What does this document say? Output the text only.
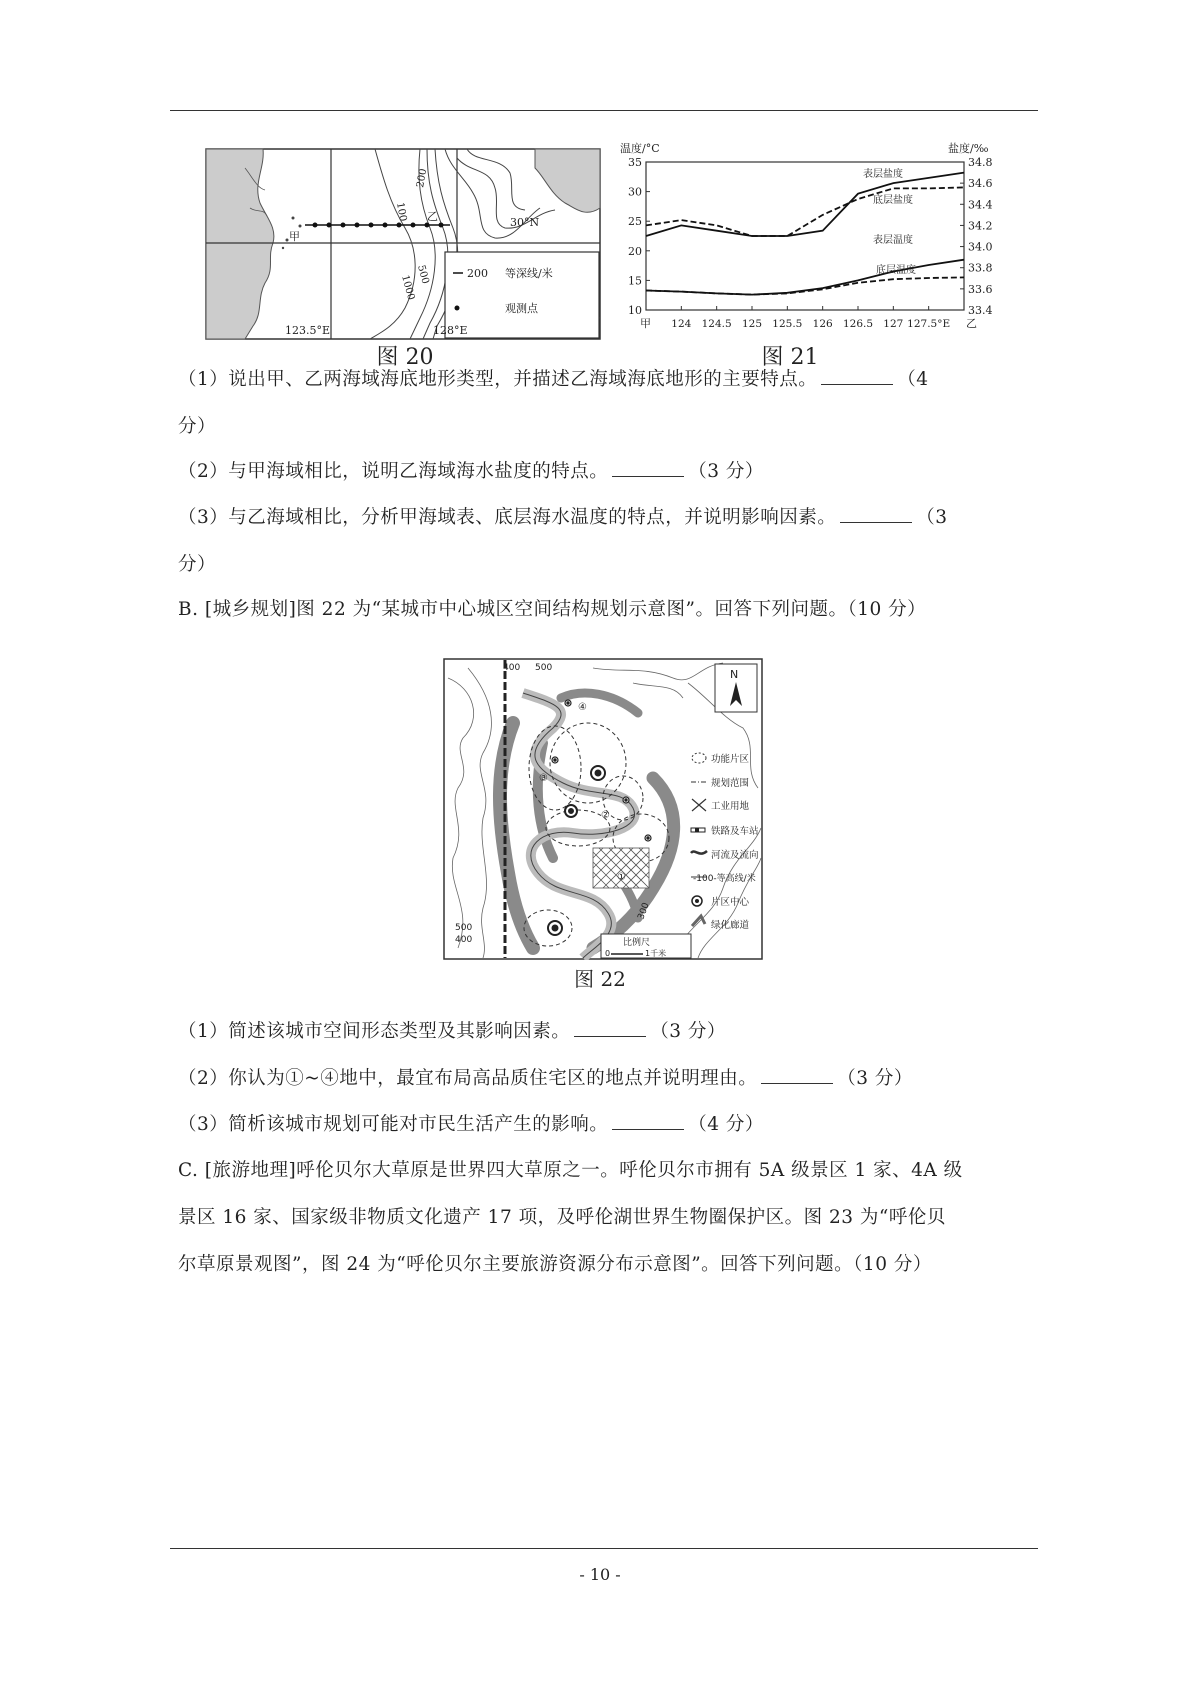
甲
乙	30°N
123.5°E	128°E
100
200
1000
500	200 等深线/米
观测点
图 20
温度/°C	盐度/‰
35
30
25
20
15
10
34.8
34.6
34.4
34.2
34.0
33.8
33.6
33.4
甲 124 124.5 125 125.5 126 126.5 127 127.5°E 乙
表层盐度
底层盐度
表层温度
底层温度
图 21
（1）说出甲、乙两海域海底地形类型，并描述乙海域海底地形的主要特点。	（4
分）
（2）与甲海域相比，说明乙海域海水盐度的特点。	（3 分）
（3）与乙海域相比，分析甲海域表、底层海水温度的特点，并说明影响因素。	（3
分）
B. [城乡规划]图 22 为“某城市中心城区空间结构规划示意图”。回答下列问题。（10 分）
①
②
③
④
400 500
500
400
300
N
功能片区
规划范围
工业用地
铁路及车站
河流及流向
-100-等高线/米
片区中心
绿化廊道
比例尺
0	1千米
图 22
（1）简述该城市空间形态类型及其影响因素。	（3 分）
（2）你认为①~④地中，最宜布局高品质住宅区的地点并说明理由。	（3 分）
（3）简析该城市规划可能对市民生活产生的影响。	（4 分）
C. [旅游地理]呼伦贝尔大草原是世界四大草原之一。呼伦贝尔市拥有 5A 级景区 1 家、4A 级
景区 16 家、国家级非物质文化遗产 17 项，及呼伦湖世界生物圈保护区。图 23 为“呼伦贝
尔草原景观图”，图 24 为“呼伦贝尔主要旅游资源分布示意图”。回答下列问题。（10 分）
- 10 -
